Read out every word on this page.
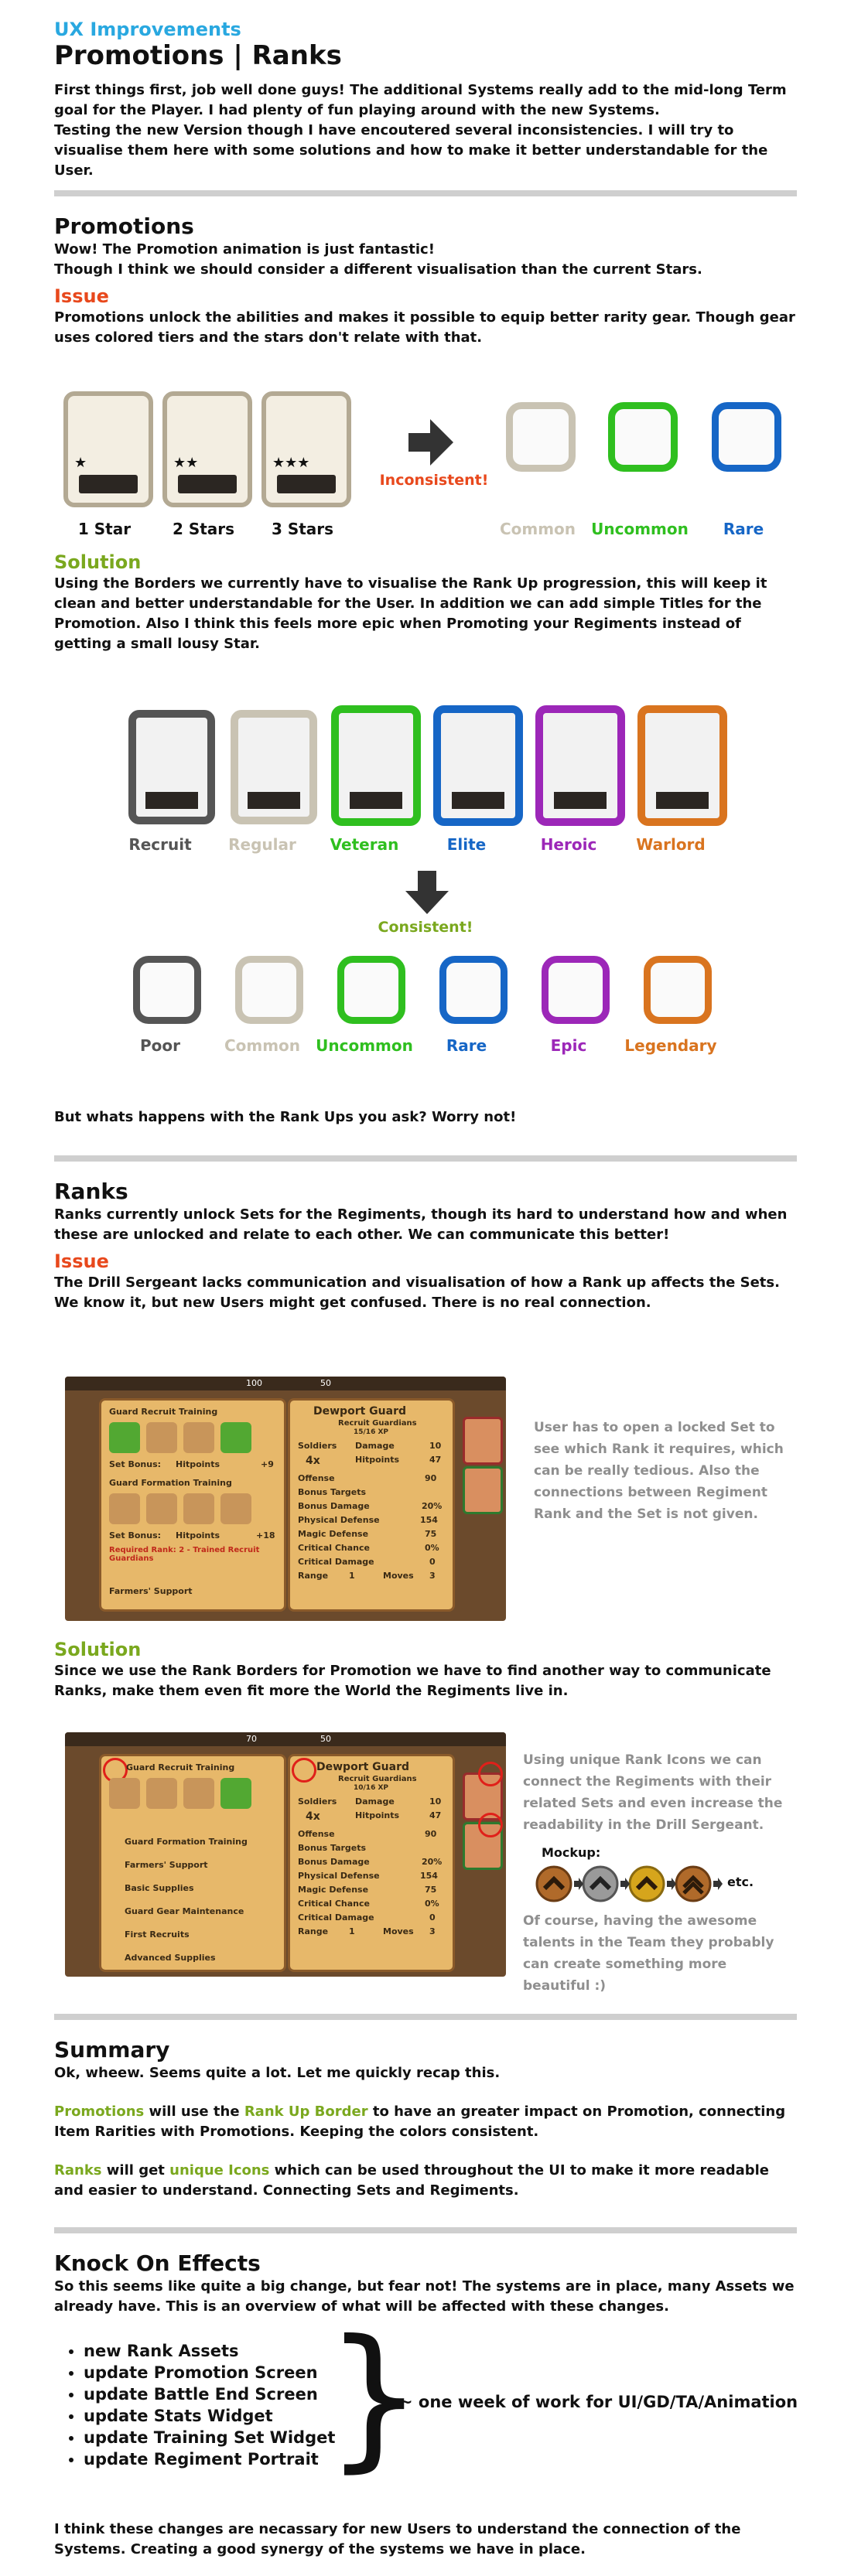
UX Improvements
Promotions | Ranks

First things first, job well done guys! The additional Systems really add to the mid-long Term goal for the Player. I had plenty of fun playing around with the new Systems.

Testing the new Version though I have encoutered several inconsistencies. I will try to visualise them here with some solutions and how to make it better understandable for the User.

Promotions

Wow! The Promotion animation is just fantastic!

Though I think we should consider a different visualisation than the current Stars.

Issue

Promotions unlock the abilities and makes it possible to equip better rarity gear. Though gear uses colored tiers and the stars don't relate with that.

★	★★	★★★
1 Star	2 Stars	3 Stars
Inconsistent!
Common	Uncommon	Rare
Solution

Using the Borders we currently have to visualise the Rank Up progression, this will keep it clean and better understandable for the User. In addition we can add simple Titles for the Promotion. Also I think this feels more epic when Promoting your Regiments instead of getting a small lousy Star.

Recruit	Regular	Veteran	Elite	Heroic	Warlord
Consistent!
Poor	Common	Uncommon	Rare	Epic	Legendary

But whats happens with the Rank Ups you ask? Worry not!

Ranks

Ranks currently unlock Sets for the Regiments, though its hard to understand how and when these are unlocked and relate to each other. We can communicate this better!

Issue

The Drill Sergeant lacks communication and visualisation of how a Rank up affects the Sets. We know it, but new Users might get confused. There is no real connection.

100	50
Guard Recruit Training
Set Bonus: Hitpoints	+9
Guard Formation Training
Set Bonus: Hitpoints	+18
Required Rank: 2 - Trained Recruit Guardians
Farmers' Support
Dewport Guard
Recruit Guardians
15/16 XP
Soldiers
4x
Damage	10
Hitpoints	47
Offense	90
Bonus Targets
Bonus Damage	20%
Physical Defense	154
Magic Defense	75
Critical Chance	0%
Critical Damage	0
Range 1	Moves 3
User has to open a locked Set to see which Rank it requires, which can be really tedious. Also the connections between Regiment Rank and the Set is not given.
Solution

Since we use the Rank Borders for Promotion we have to find another way to communicate Ranks, make them even fit more the World the Regiments live in.

70	50
Guard Recruit Training
Guard Formation Training
Farmers' Support
Basic Supplies
Guard Gear Maintenance
First Recruits
Advanced Supplies
Dewport Guard
Recruit Guardians
10/16 XP
Soldiers
4x
Damage	10
Hitpoints	47
Offense	90
Bonus Targets
Bonus Damage	20%
Physical Defense	154
Magic Defense	75
Critical Chance	0%
Critical Damage	0
Range 1	Moves 3
Using unique Rank Icons we can connect the Regiments with their related Sets and even increase the readability in the Drill Sergeant.
Mockup:
etc.
Of course, having the awesome talents in the Team they probably can create something more beautiful :)
Summary

Ok, wheew. Seems quite a lot. Let me quickly recap this.

Promotions will use the Rank Up Border to have an greater impact on Promotion, connecting Item Rarities with Promotions. Keeping the colors consistent.

Ranks will get unique Icons which can be used throughout the UI to make it more readable and easier to understand. Connecting Sets and Regiments.

Knock On Effects

So this seems like quite a big change, but fear not! The systems are in place, many Assets we already have. This is an overview of what will be affected with these changes.

• new Rank Assets
• update Promotion Screen
• update Battle End Screen
• update Stats Widget
• update Training Set Widget
• update Regiment Portrait }
~ one week of work for UI/GD/TA/Animation

I think these changes are necassary for new Users to understand the connection of the Systems. Creating a good synergy of the systems we have in place.
